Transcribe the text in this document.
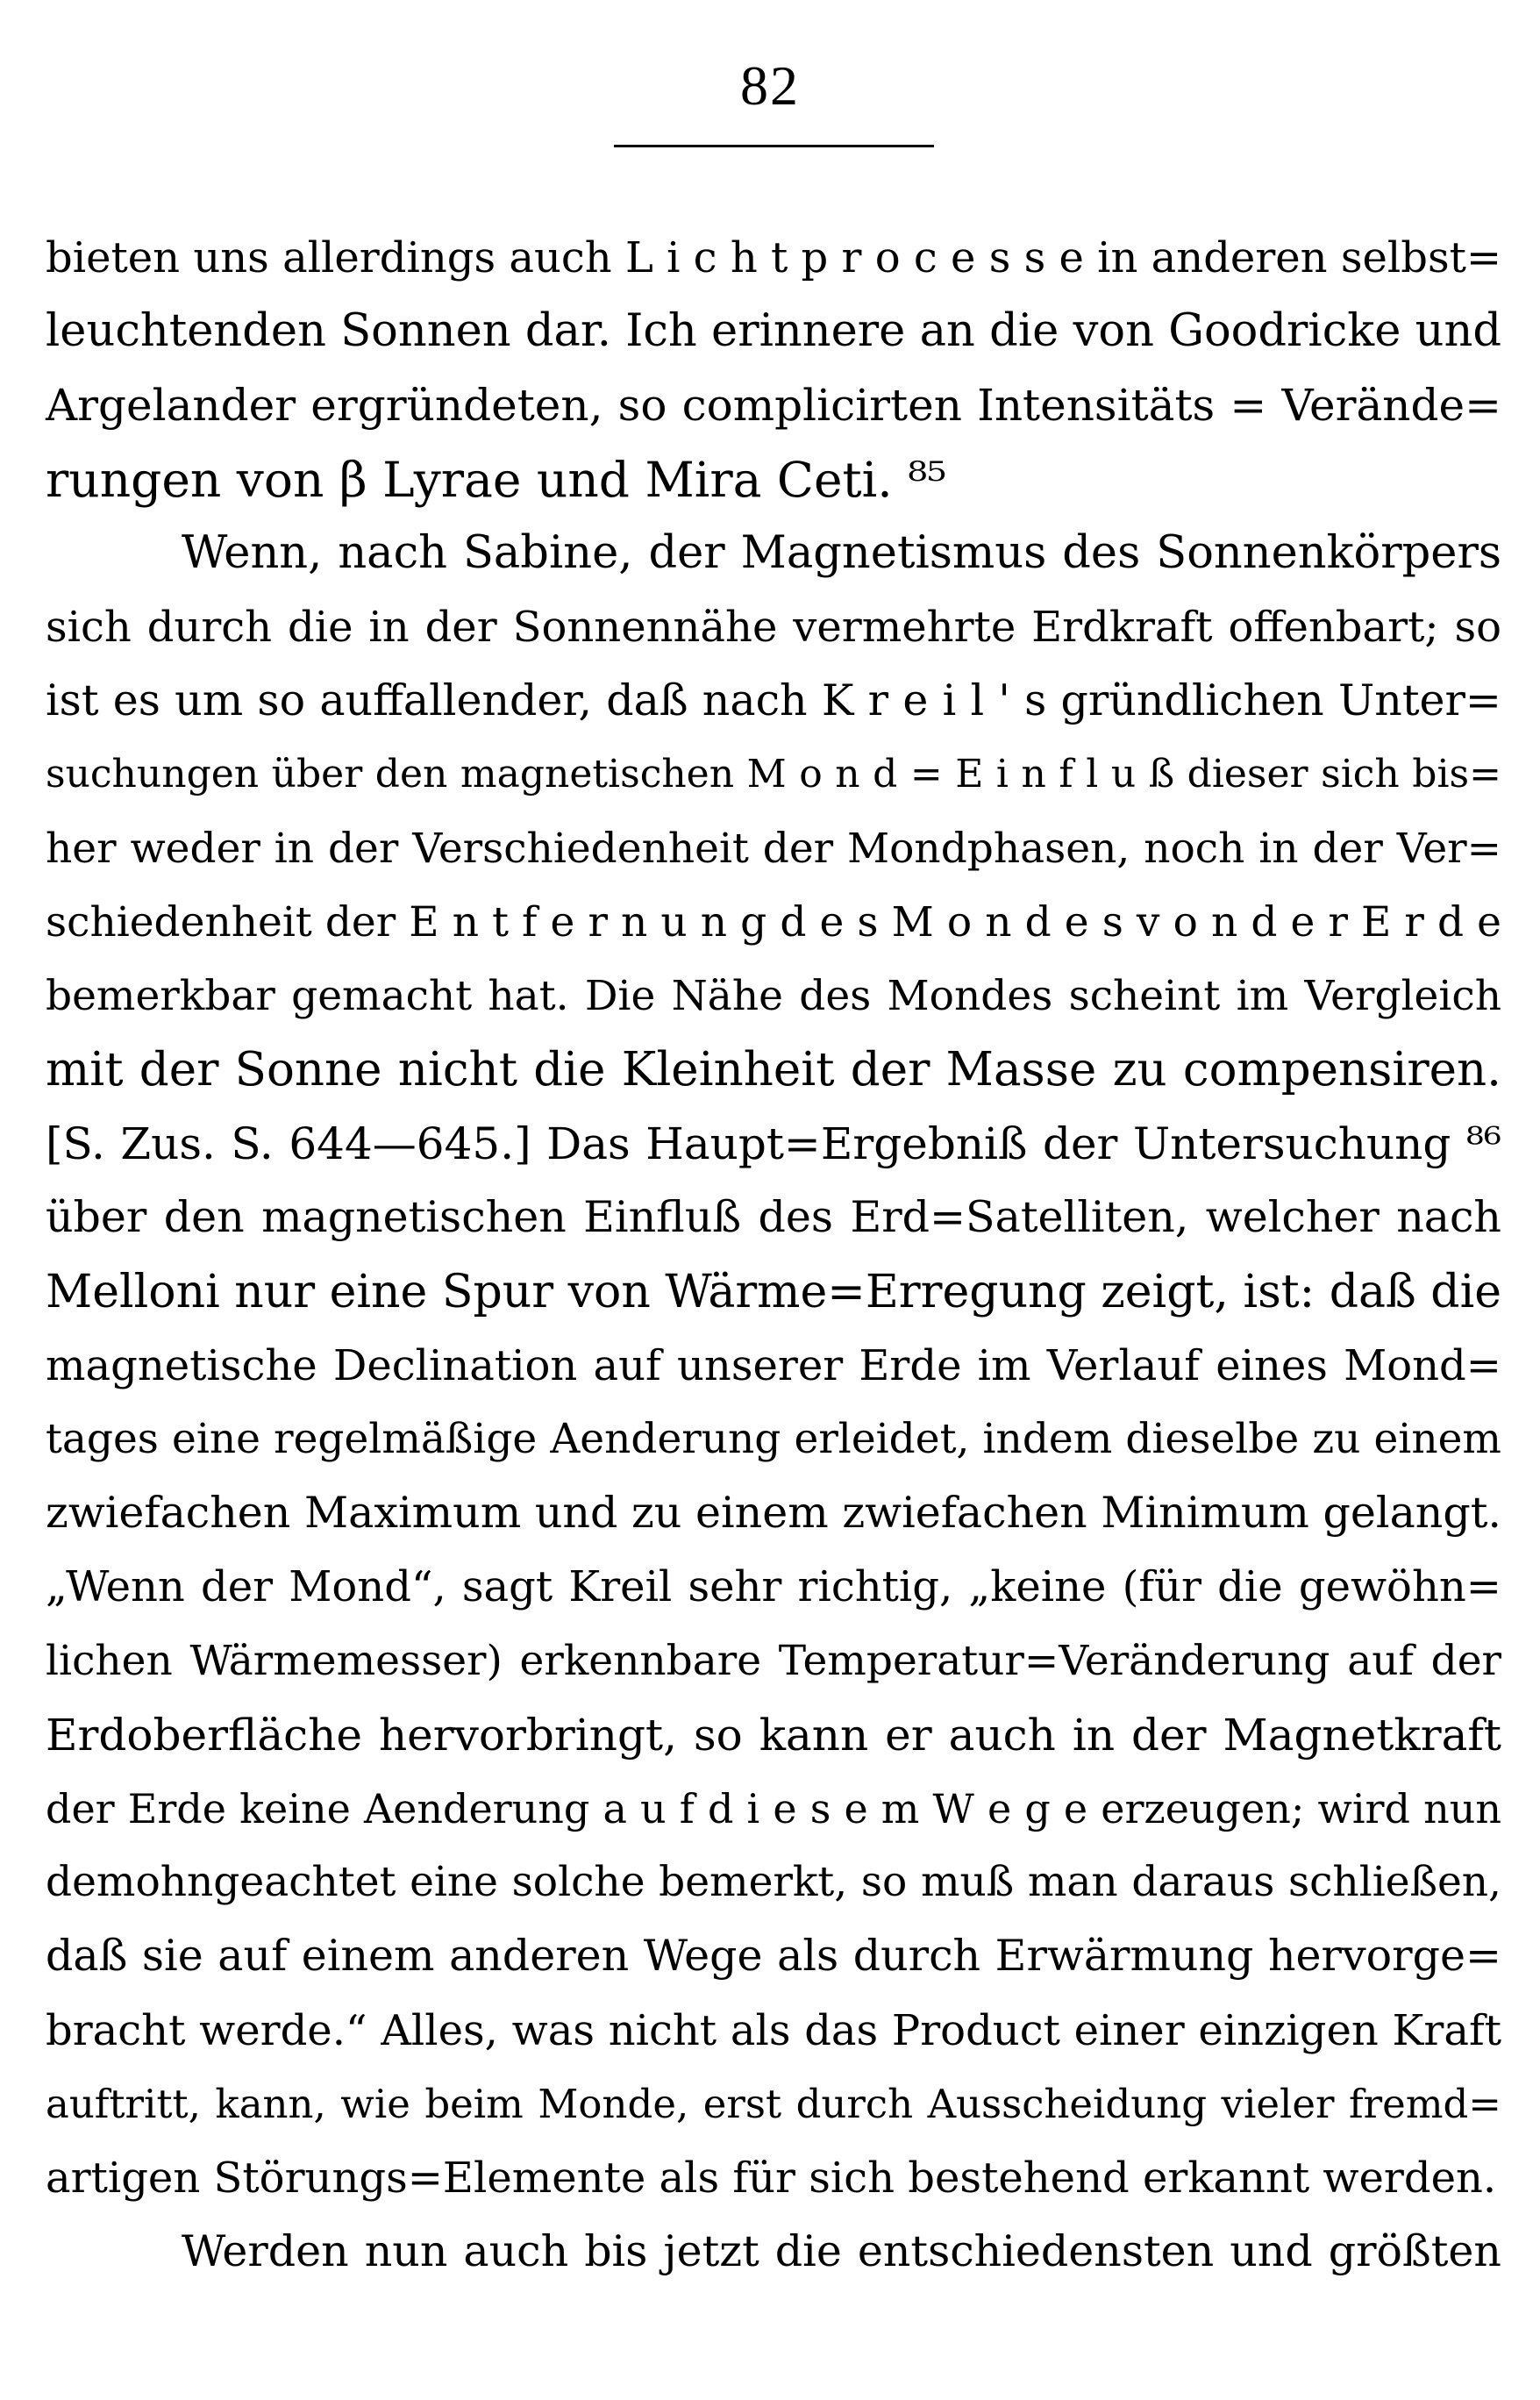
82
bieten uns allerdings auch L i c h t p r o c e s s e in anderen selbst=
leuchtenden Sonnen dar. Ich erinnere an die von Goodricke und
Argelander ergründeten, so complicirten Intensitäts = Verände=
rungen von β Lyrae und Mira Ceti. ⁸⁵
Wenn, nach Sabine, der Magnetismus des Sonnenkörpers
sich durch die in der Sonnennähe vermehrte Erdkraft offenbart; so
ist es um so auffallender, daß nach K r e i l ' s gründlichen Unter=
suchungen über den magnetischen M o n d = E i n f l u ß dieser sich bis=
her weder in der Verschiedenheit der Mondphasen, noch in der Ver=
schiedenheit der E n t f e r n u n g d e s M o n d e s v o n d e r E r d e
bemerkbar gemacht hat. Die Nähe des Mondes scheint im Vergleich
mit der Sonne nicht die Kleinheit der Masse zu compensiren.
[S. Zus. S. 644—645.] Das Haupt=Ergebniß der Untersuchung ⁸⁶
über den magnetischen Einfluß des Erd=Satelliten, welcher nach
Melloni nur eine Spur von Wärme=Erregung zeigt, ist: daß die
magnetische Declination auf unserer Erde im Verlauf eines Mond=
tages eine regelmäßige Aenderung erleidet, indem dieselbe zu einem
zwiefachen Maximum und zu einem zwiefachen Minimum gelangt.
„Wenn der Mond“, sagt Kreil sehr richtig, „keine (für die gewöhn=
lichen Wärmemesser) erkennbare Temperatur=Veränderung auf der
Erdoberfläche hervorbringt, so kann er auch in der Magnetkraft
der Erde keine Aenderung a u f d i e s e m W e g e erzeugen; wird nun
demohngeachtet eine solche bemerkt, so muß man daraus schließen,
daß sie auf einem anderen Wege als durch Erwärmung hervorge=
bracht werde.“ Alles, was nicht als das Product einer einzigen Kraft
auftritt, kann, wie beim Monde, erst durch Ausscheidung vieler fremd=
artigen Störungs=Elemente als für sich bestehend erkannt werden.
Werden nun auch bis jetzt die entschiedensten und größten
